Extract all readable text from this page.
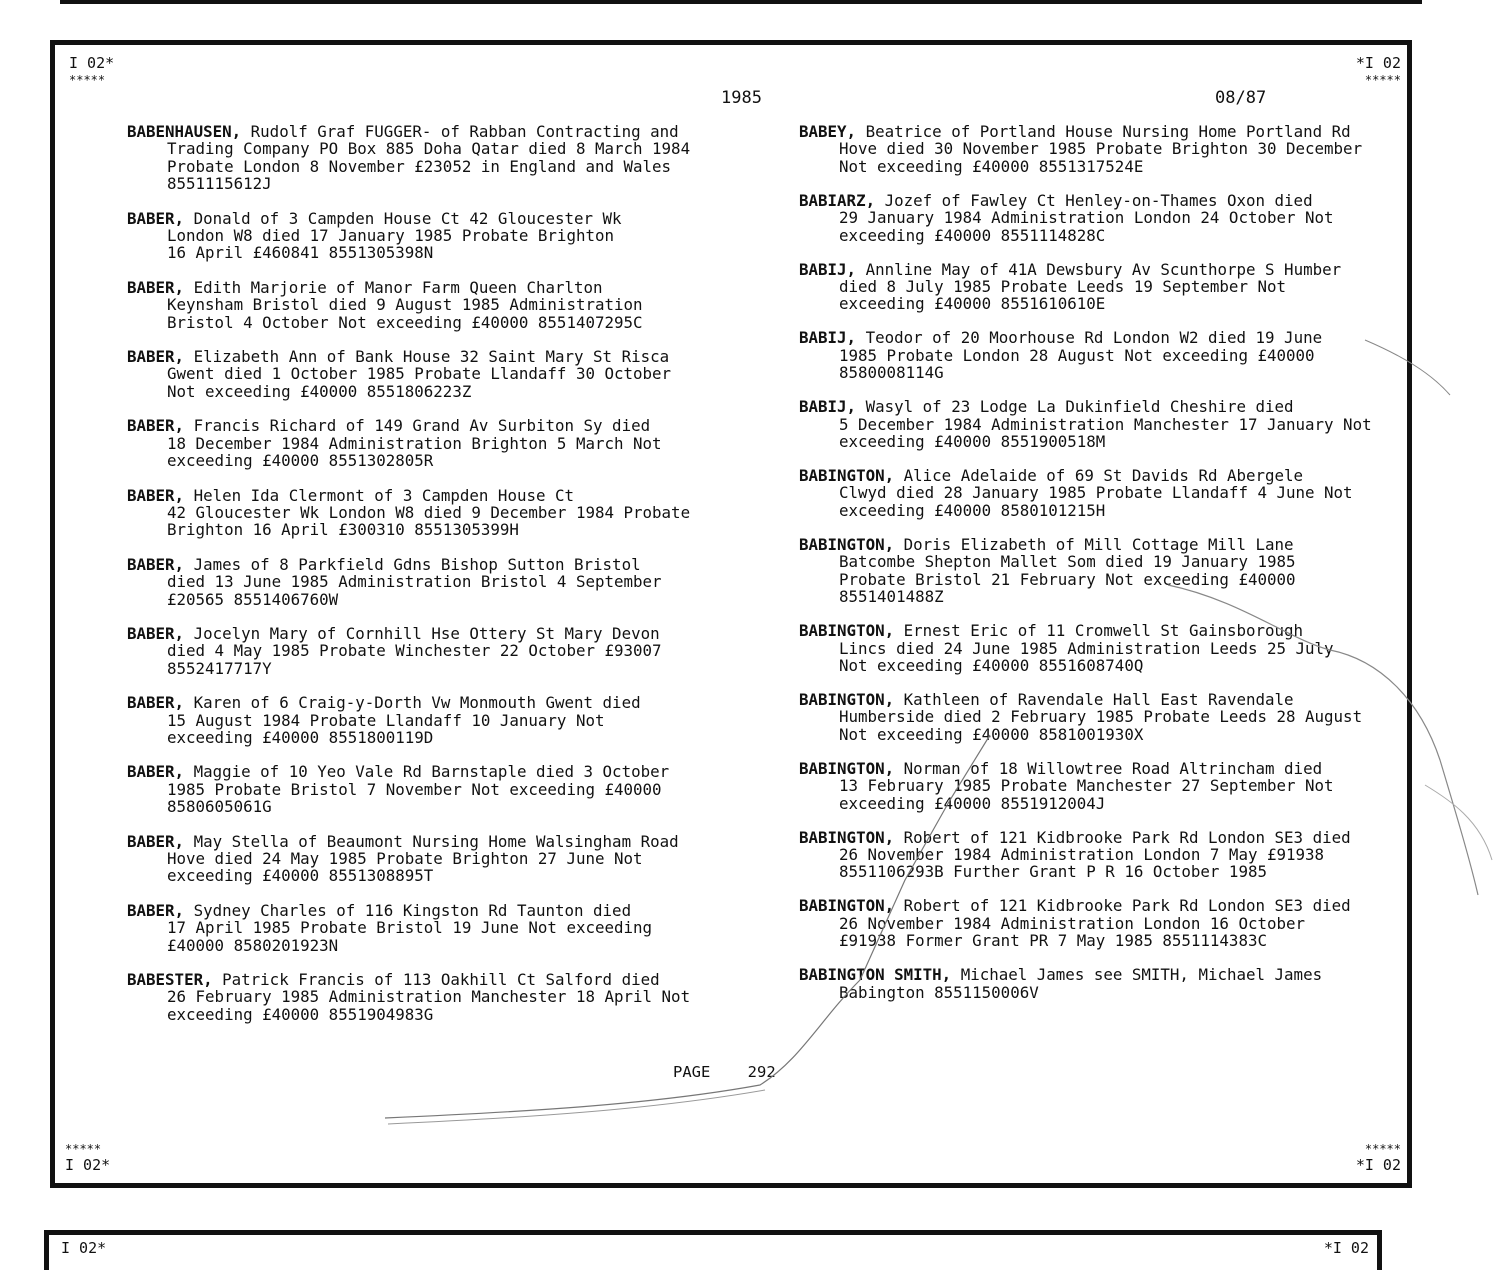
I 02*
*****
*I 02
*****
1985	08/87
BABENHAUSEN, Rudolf Graf FUGGER- of Rabban Contracting and
Trading Company PO Box 885 Doha Qatar died 8 March 1984
Probate London 8 November £23052 in England and Wales
8551115612J
BABER, Donald of 3 Campden House Ct 42 Gloucester Wk
London W8 died 17 January 1985 Probate Brighton
16 April £460841 8551305398N
BABER, Edith Marjorie of Manor Farm Queen Charlton
Keynsham Bristol died 9 August 1985 Administration
Bristol 4 October Not exceeding £40000 8551407295C
BABER, Elizabeth Ann of Bank House 32 Saint Mary St Risca
Gwent died 1 October 1985 Probate Llandaff 30 October
Not exceeding £40000 8551806223Z
BABER, Francis Richard of 149 Grand Av Surbiton Sy died
18 December 1984 Administration Brighton 5 March Not
exceeding £40000 8551302805R
BABER, Helen Ida Clermont of 3 Campden House Ct
42 Gloucester Wk London W8 died 9 December 1984 Probate
Brighton 16 April £300310 8551305399H
BABER, James of 8 Parkfield Gdns Bishop Sutton Bristol
died 13 June 1985 Administration Bristol 4 September
£20565 8551406760W
BABER, Jocelyn Mary of Cornhill Hse Ottery St Mary Devon
died 4 May 1985 Probate Winchester 22 October £93007
8552417717Y
BABER, Karen of 6 Craig-y-Dorth Vw Monmouth Gwent died
15 August 1984 Probate Llandaff 10 January Not
exceeding £40000 8551800119D
BABER, Maggie of 10 Yeo Vale Rd Barnstaple died 3 October
1985 Probate Bristol 7 November Not exceeding £40000
8580605061G
BABER, May Stella of Beaumont Nursing Home Walsingham Road
Hove died 24 May 1985 Probate Brighton 27 June Not
exceeding £40000 8551308895T
BABER, Sydney Charles of 116 Kingston Rd Taunton died
17 April 1985 Probate Bristol 19 June Not exceeding
£40000 8580201923N
BABESTER, Patrick Francis of 113 Oakhill Ct Salford died
26 February 1985 Administration Manchester 18 April Not
exceeding £40000 8551904983G
BABEY, Beatrice of Portland House Nursing Home Portland Rd
Hove died 30 November 1985 Probate Brighton 30 December
Not exceeding £40000 8551317524E
BABIARZ, Jozef of Fawley Ct Henley-on-Thames Oxon died
29 January 1984 Administration London 24 October Not
exceeding £40000 8551114828C
BABIJ, Annline May of 41A Dewsbury Av Scunthorpe S Humber
died 8 July 1985 Probate Leeds 19 September Not
exceeding £40000 8551610610E
BABIJ, Teodor of 20 Moorhouse Rd London W2 died 19 June
1985 Probate London 28 August Not exceeding £40000
8580008114G
BABIJ, Wasyl of 23 Lodge La Dukinfield Cheshire died
5 December 1984 Administration Manchester 17 January Not
exceeding £40000 8551900518M
BABINGTON, Alice Adelaide of 69 St Davids Rd Abergele
Clwyd died 28 January 1985 Probate Llandaff 4 June Not
exceeding £40000 8580101215H
BABINGTON, Doris Elizabeth of Mill Cottage Mill Lane
Batcombe Shepton Mallet Som died 19 January 1985
Probate Bristol 21 February Not exceeding £40000
8551401488Z
BABINGTON, Ernest Eric of 11 Cromwell St Gainsborough
Lincs died 24 June 1985 Administration Leeds 25 July
Not exceeding £40000 8551608740Q
BABINGTON, Kathleen of Ravendale Hall East Ravendale
Humberside died 2 February 1985 Probate Leeds 28 August
Not exceeding £40000 8581001930X
BABINGTON, Norman of 18 Willowtree Road Altrincham died
13 February 1985 Probate Manchester 27 September Not
exceeding £40000 8551912004J
BABINGTON, Robert of 121 Kidbrooke Park Rd London SE3 died
26 November 1984 Administration London 7 May £91938
8551106293B Further Grant P R 16 October 1985
BABINGTON, Robert of 121 Kidbrooke Park Rd London SE3 died
26 November 1984 Administration London 16 October
£91938 Former Grant PR 7 May 1985 8551114383C
BABINGTON SMITH, Michael James see SMITH, Michael James
Babington 8551150006V
PAGE 292
*****
I 02*
*****
*I 02
I 02*	*I 02
